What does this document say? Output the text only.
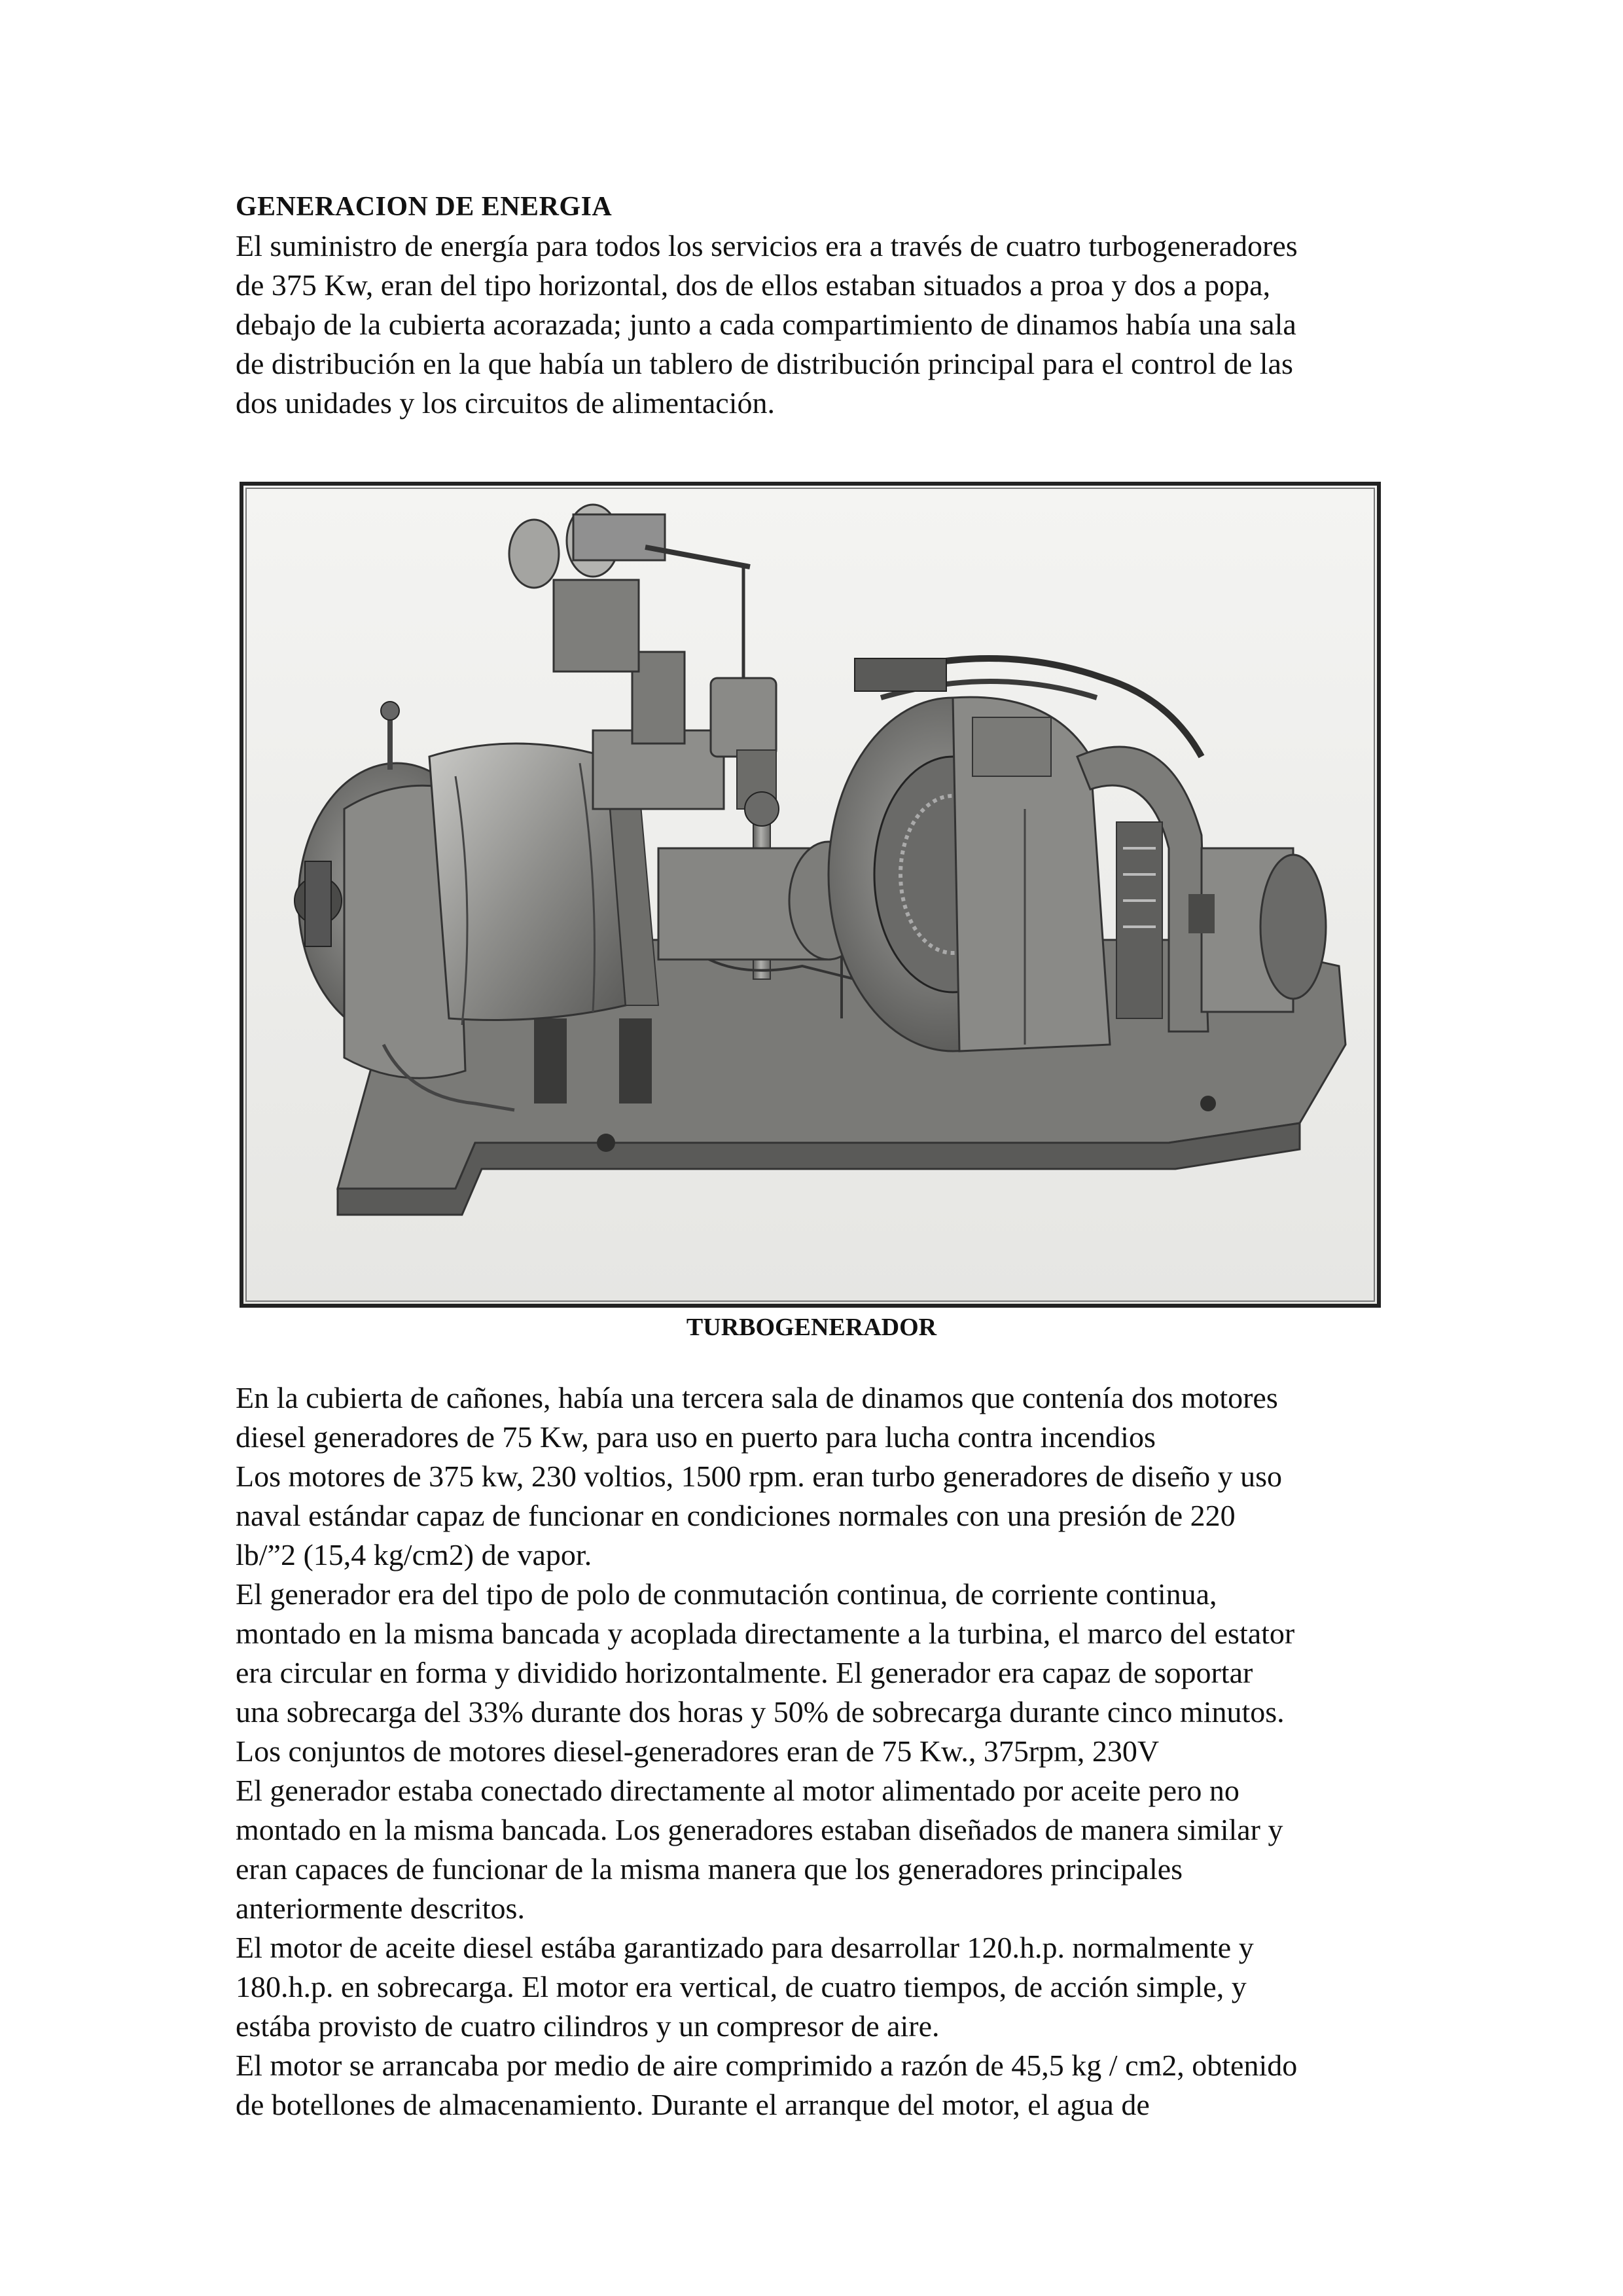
GENERACION DE ENERGIA
El suministro de energía para todos los servicios era a través de cuatro turbogeneradores
de 375 Kw, eran del tipo horizontal, dos de ellos estaban situados a proa y dos a popa,
debajo de la cubierta acorazada; junto a cada compartimiento de dinamos había una sala
de distribución en la que había un tablero de distribución principal para el control de las
dos unidades y los circuitos de alimentación.
TURBOGENERADOR
En la cubierta de cañones, había una tercera sala de dinamos que contenía dos motores
diesel generadores de 75 Kw, para uso en puerto para lucha contra incendios
Los motores de 375 kw, 230 voltios, 1500 rpm. eran turbo generadores de diseño y uso
naval estándar capaz de funcionar en condiciones normales con una presión de 220
lb/”2 (15,4 kg/cm2) de vapor.
El generador era del tipo de polo de conmutación continua, de corriente continua,
montado en la misma bancada y acoplada directamente a la turbina, el marco del estator
era circular en forma y dividido horizontalmente. El generador era capaz de soportar
una sobrecarga del 33% durante dos horas y 50% de sobrecarga durante cinco minutos.
Los conjuntos de motores diesel-generadores eran de 75 Kw., 375rpm, 230V
El generador estaba conectado directamente al motor alimentado por aceite pero no
montado en la misma bancada. Los generadores estaban diseñados de manera similar y
eran capaces de funcionar de la misma manera que los generadores principales
anteriormente descritos.
El motor de aceite diesel estába garantizado para desarrollar 120.h.p. normalmente y
180.h.p. en sobrecarga. El motor era vertical, de cuatro tiempos, de acción simple, y
estába provisto de cuatro cilindros y un compresor de aire.
El motor se arrancaba por medio de aire comprimido a razón de 45,5 kg / cm2, obtenido
de botellones de almacenamiento. Durante el arranque del motor, el agua de
